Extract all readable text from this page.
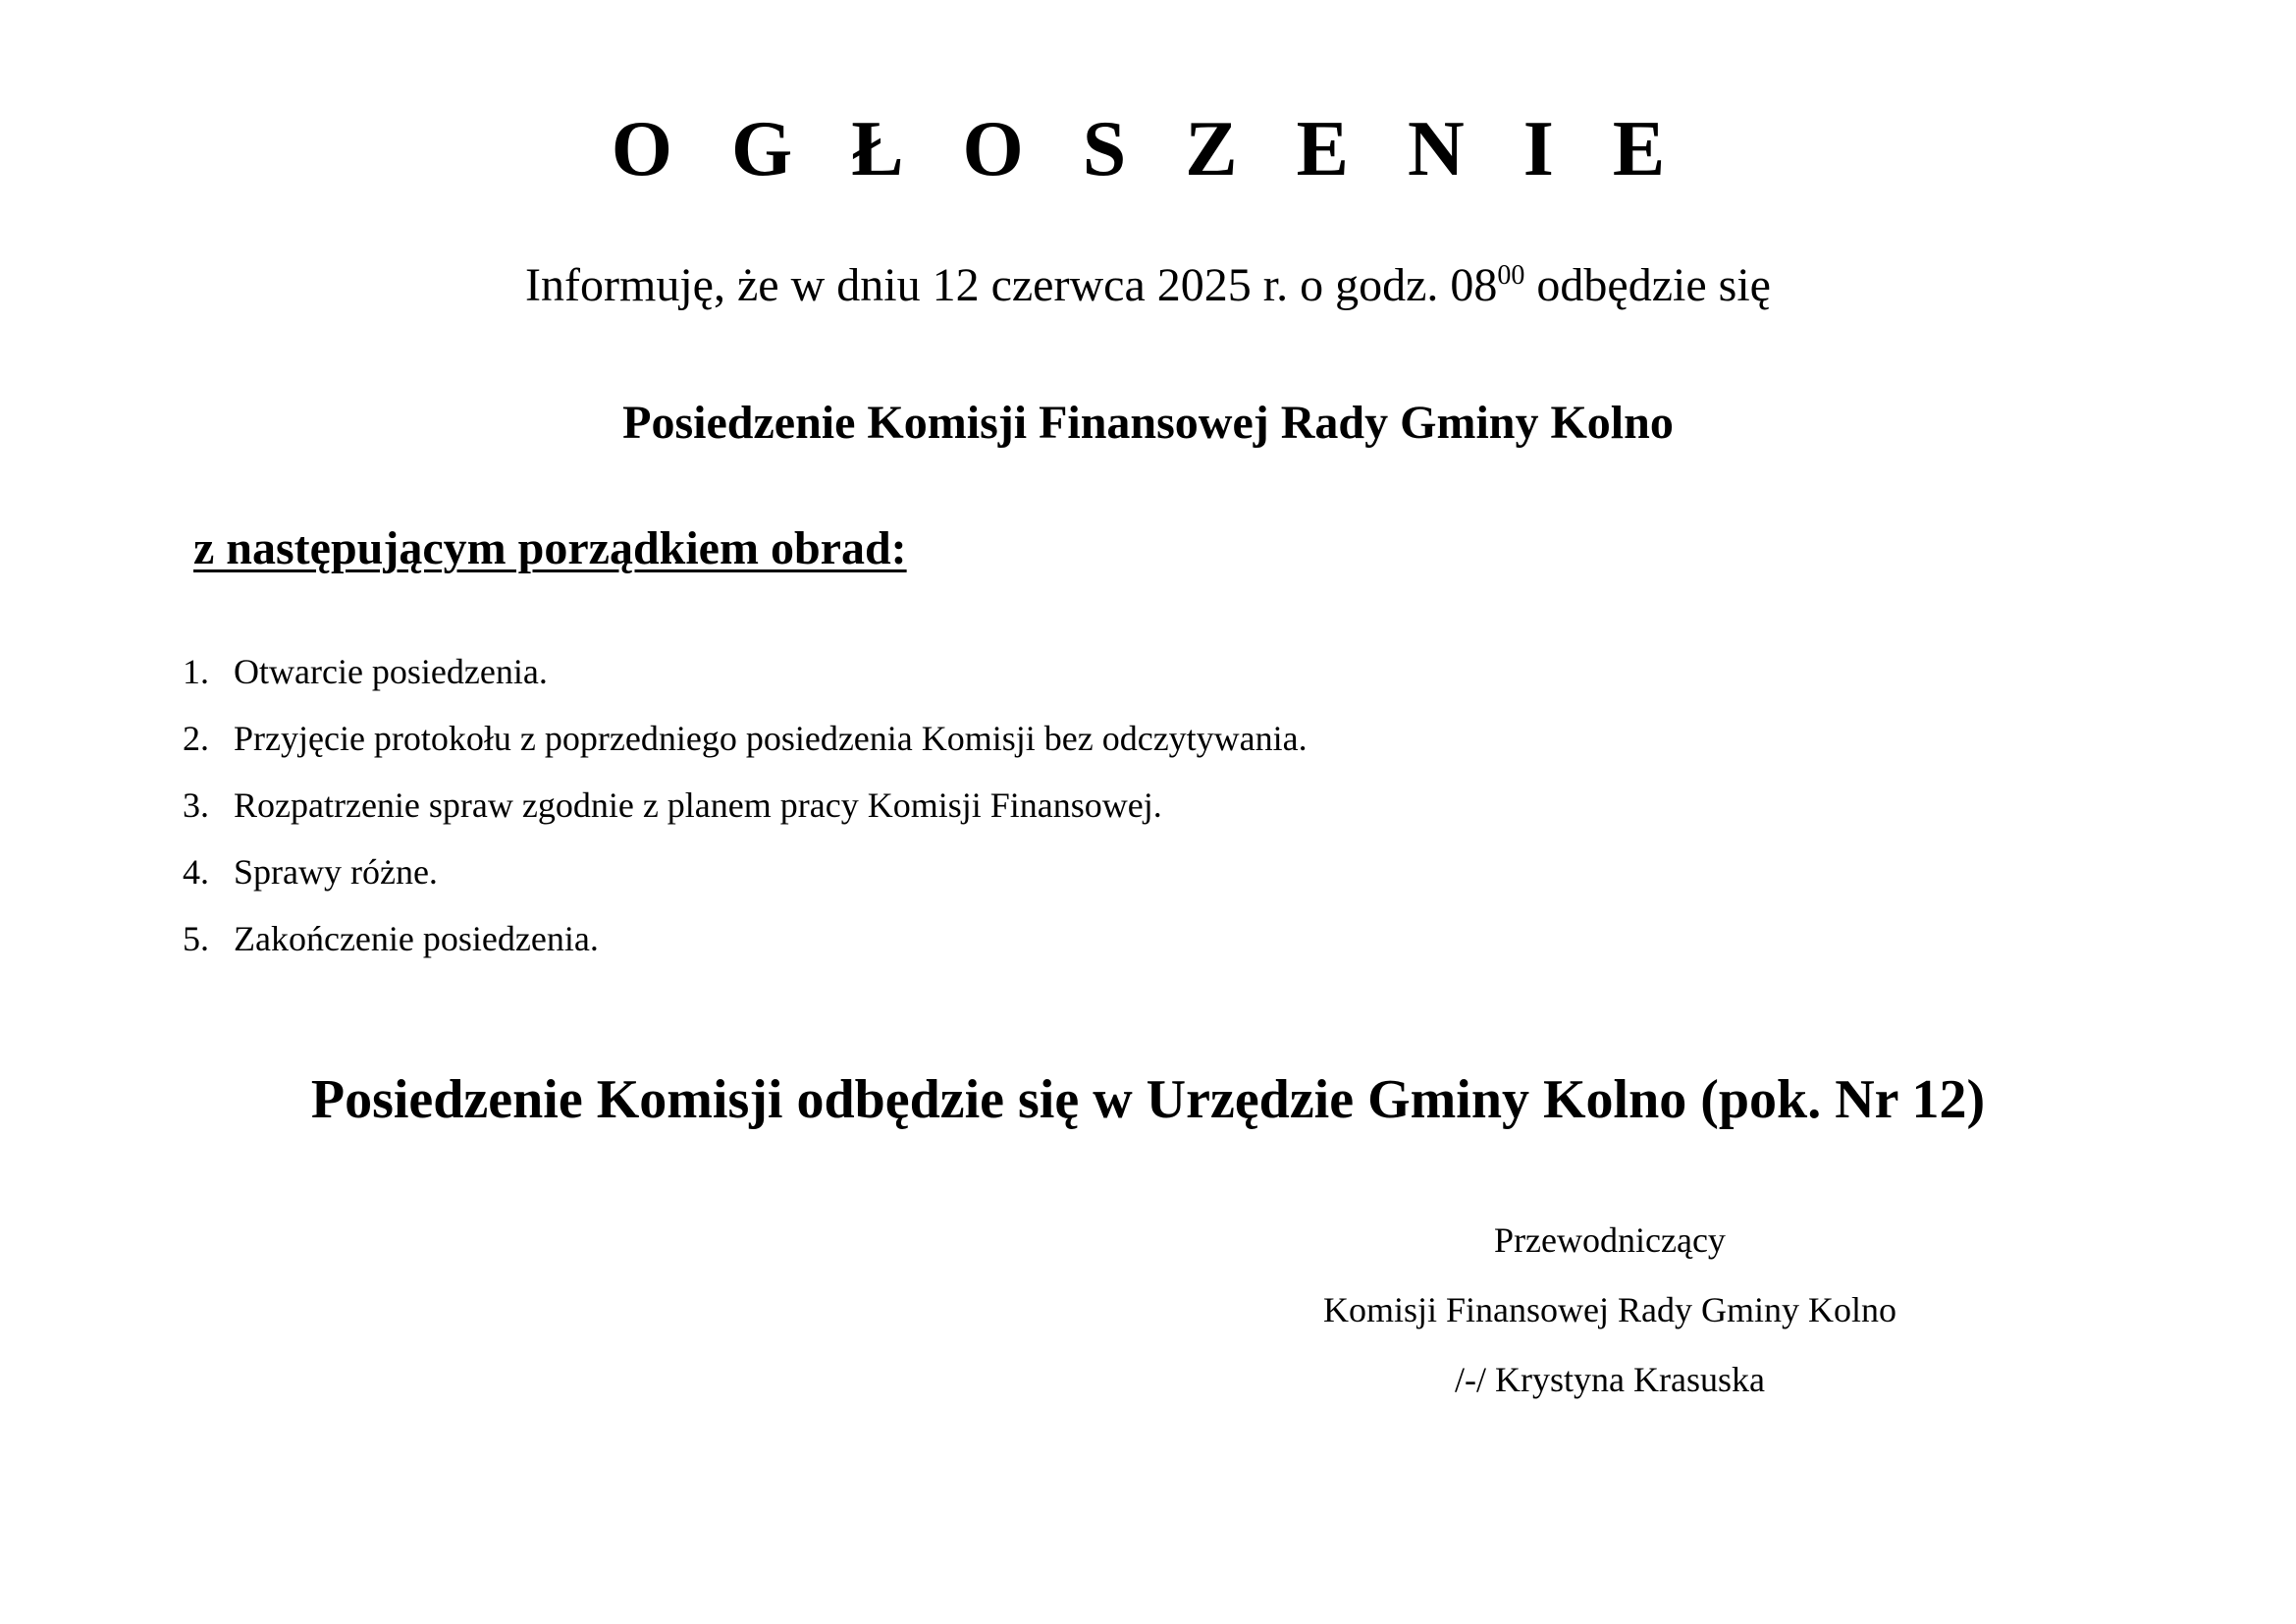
O G Ł O S Z E N I E
Informuję, że w dniu 12 czerwca 2025 r. o godz. $08^{00}$ odbędzie się
Posiedzenie Komisji Finansowej Rady Gminy Kolno
z następującym porządkiem obrad:
1. Otwarcie posiedzenia.
2. Przyjęcie protokołu z poprzedniego posiedzenia Komisji bez odczytywania.
3. Rozpatrzenie spraw zgodnie z planem pracy Komisji Finansowej.
4. Sprawy różne.
5. Zakończenie posiedzenia.
Posiedzenie Komisji odbędzie się w Urzędzie Gminy Kolno (pok. Nr 12)
Przewodniczący
Komisji Finansowej Rady Gminy Kolno
/-/ Krystyna Krasuska
